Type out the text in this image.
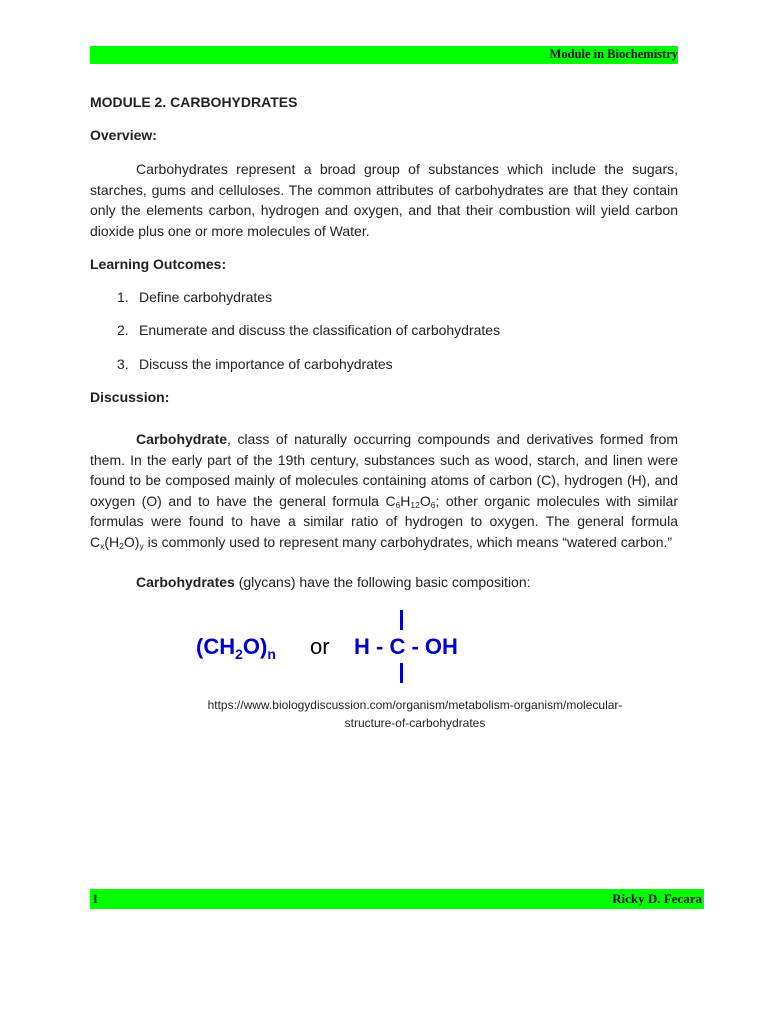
Module in Biochemistry
MODULE 2. CARBOHYDRATES
Overview:
Carbohydrates represent a broad group of substances which include the sugars, starches, gums and celluloses. The common attributes of carbohydrates are that they contain only the elements carbon, hydrogen and oxygen, and that their combustion will yield carbon dioxide plus one or more molecules of Water.
Learning Outcomes:
1. Define carbohydrates
2. Enumerate and discuss the classification of carbohydrates
3. Discuss the importance of carbohydrates
Discussion:
Carbohydrate, class of naturally occurring compounds and derivatives formed from them. In the early part of the 19th century, substances such as wood, starch, and linen were found to be composed mainly of molecules containing atoms of carbon (C), hydrogen (H), and oxygen (O) and to have the general formula $C_6H_{12}O_6$; other organic molecules with similar formulas were found to have a similar ratio of hydrogen to oxygen. The general formula $C_x(H_2O)_y$ is commonly used to represent many carbohydrates, which means “watered carbon.”
Carbohydrates (glycans) have the following basic composition:
$(CH_2O)_n$ or H - C - OH
https://www.biologydiscussion.com/organism/metabolism-organism/molecular-
structure-of-carbohydrates
1	Ricky D. Fecara
